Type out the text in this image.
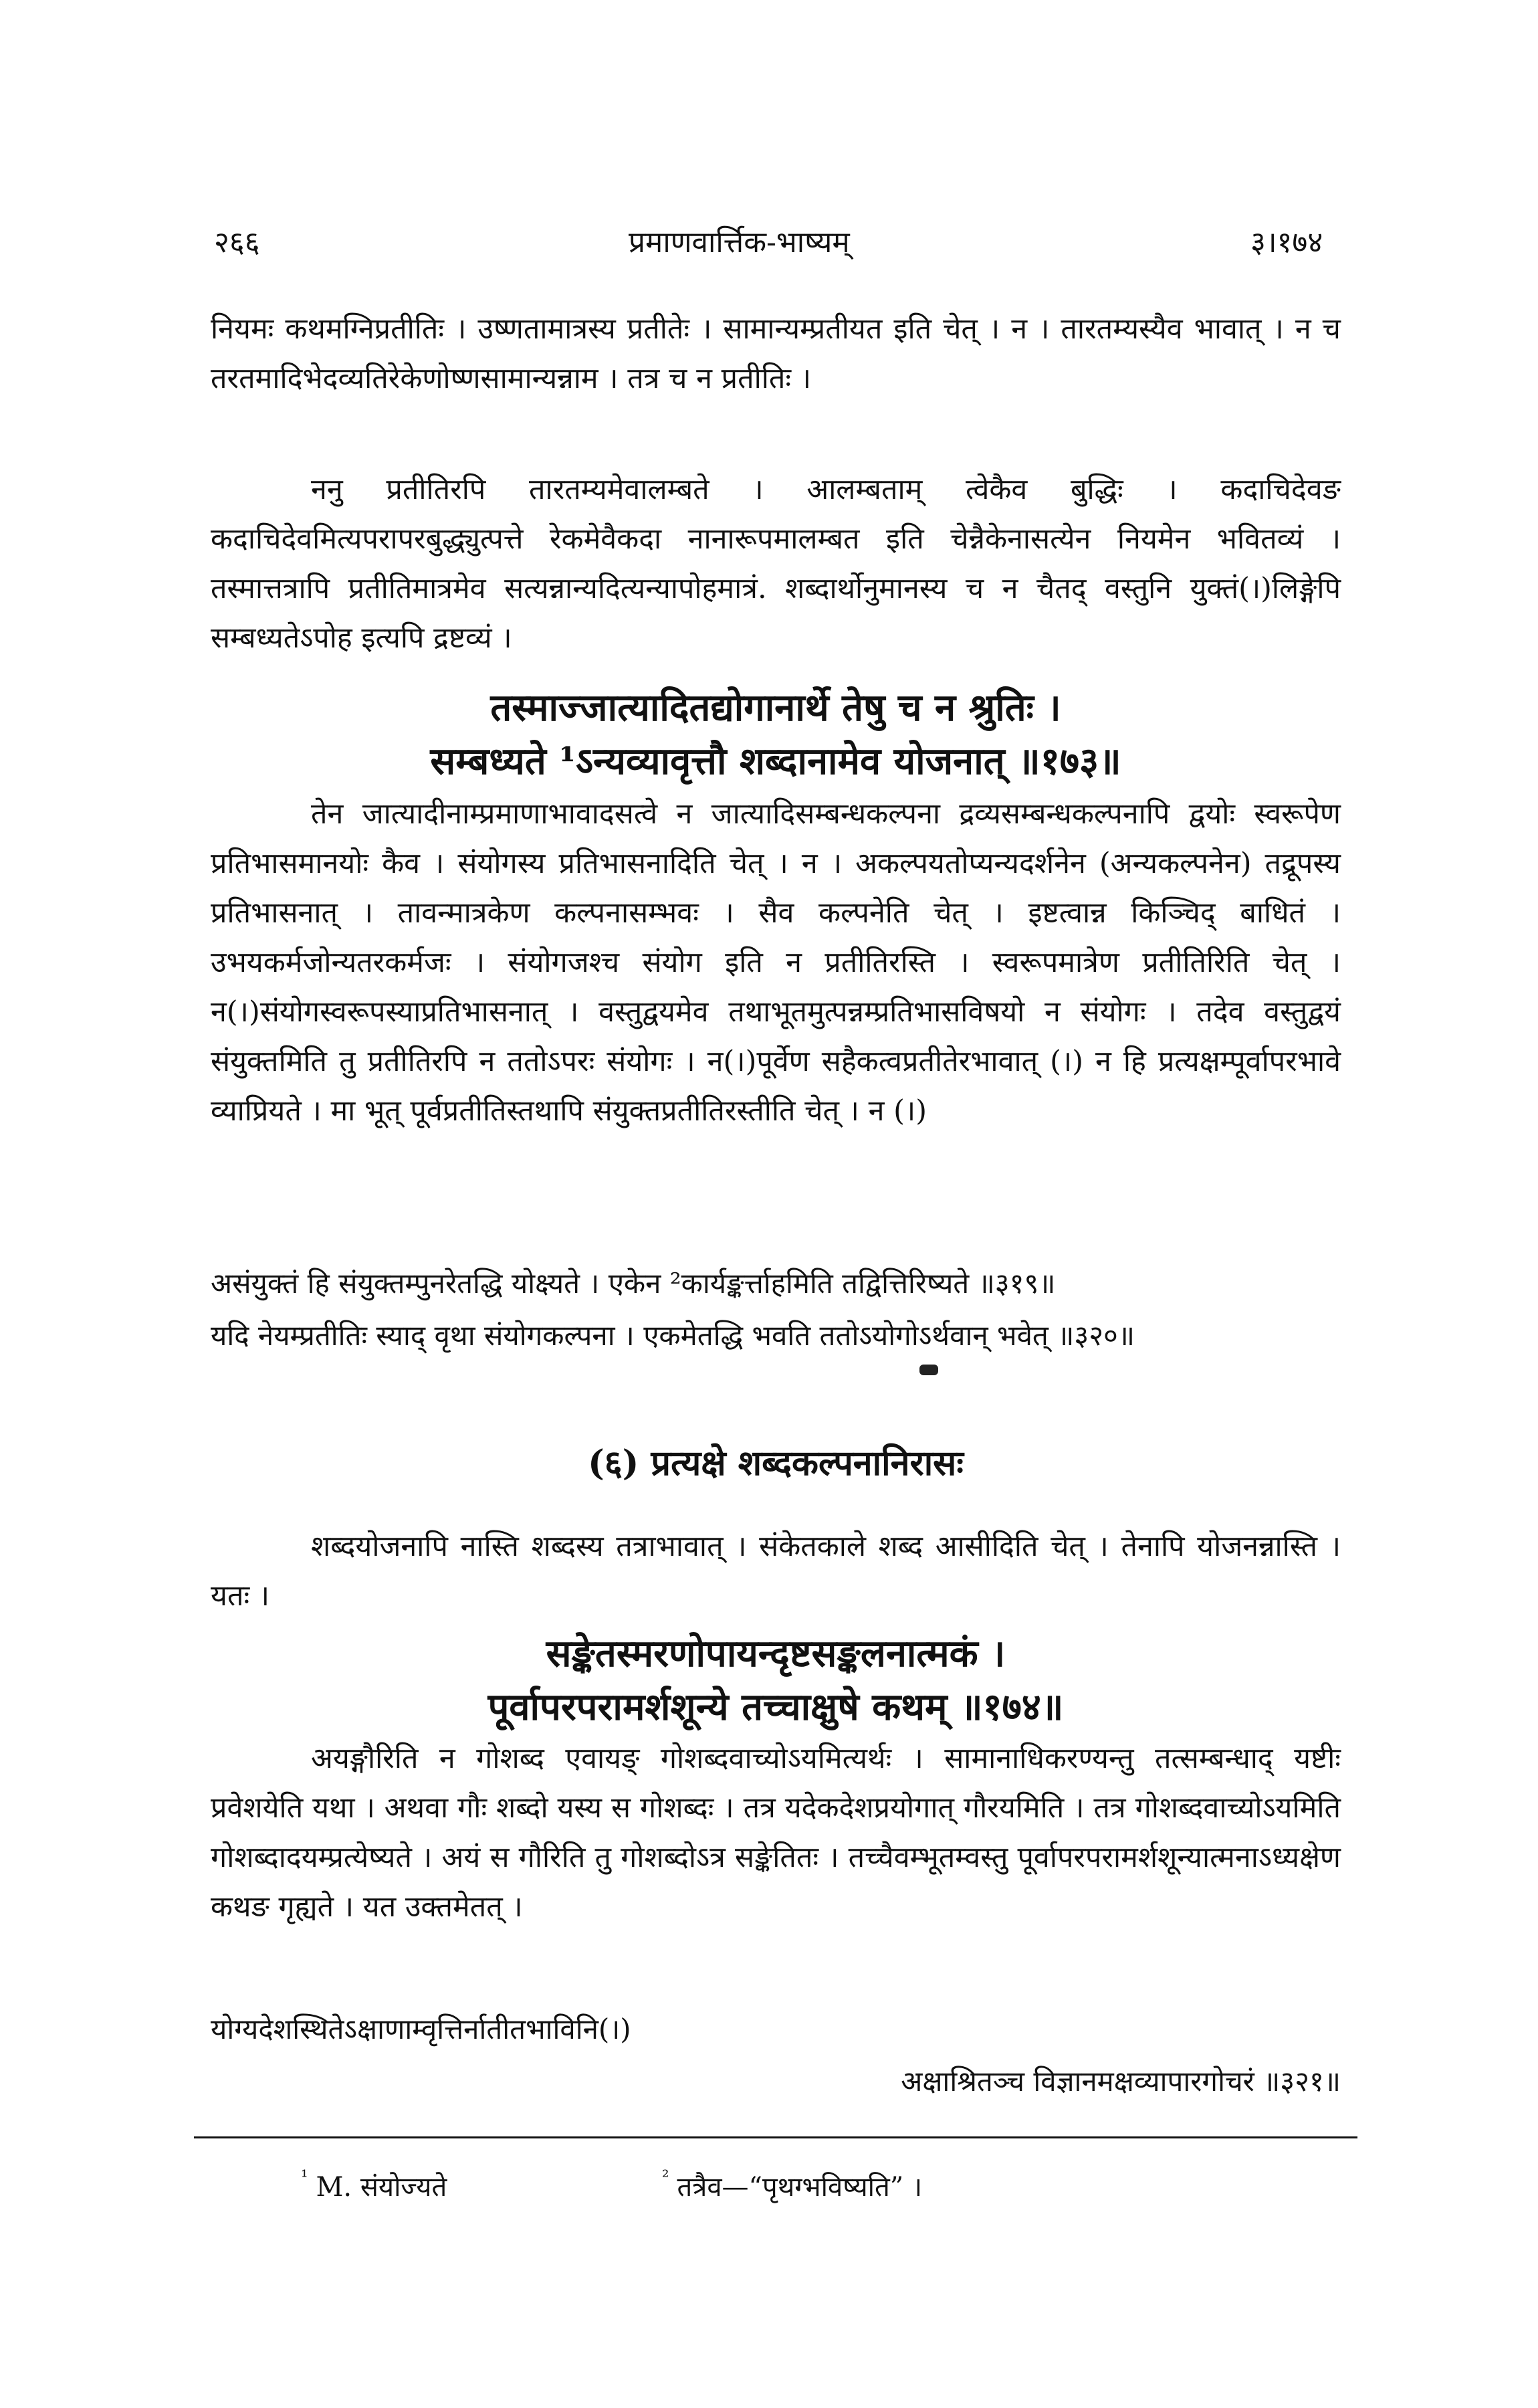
२६६	प्रमाणवार्त्तिक-भाष्यम्	३।१७४

नियमः कथमग्निप्रतीतिः । उष्णतामात्रस्य प्रतीतेः । सामान्यम्प्रतीयत इति चेत् । न । तारतम्यस्यैव भावात् । न च तरतमादिभेदव्यतिरेकेणोष्णसामान्यन्नाम । तत्र च न प्रतीतिः ।

ननु प्रतीतिरपि तारतम्यमेवालम्बते । आलम्बताम् त्वेकैव बुद्धिः । कदाचिदेवङ कदाचिदेवमित्यपरापरबुद्ध्युत्पत्ते रेकमेवैकदा नानारूपमालम्बत इति चेन्नैकेनासत्येन नियमेन भवितव्यं । तस्मात्तत्रापि प्रतीतिमात्रमेव सत्यन्नान्यदित्यन्यापोहमात्रं. शब्दार्थोनुमानस्य च न चैतद् वस्तुनि युक्तं(।)लिङ्गेपि सम्बध्यतेऽपोह इत्यपि द्रष्टव्यं ।

तस्माज्जात्यादितद्योगानार्थे तेषु च न श्रुतिः ।

सम्बध्यते ¹ऽन्यव्यावृत्तौ शब्दानामेव योजनात् ॥१७३॥

तेन जात्यादीनाम्प्रमाणाभावादसत्वे न जात्यादिसम्बन्धकल्पना द्रव्यसम्बन्धकल्पनापि द्वयोः स्वरूपेण प्रतिभासमानयोः कैव । संयोगस्य प्रतिभासनादिति चेत् । न । अकल्पयतोप्यन्यदर्शनेन (अन्यकल्पनेन) तद्रूपस्य प्रतिभासनात् । तावन्मात्रकेण कल्पनासम्भवः । सैव कल्पनेति चेत् । इष्टत्वान्न किञ्चिद् बाधितं । उभयकर्मजोन्यतरकर्मजः । संयोगजश्च संयोग इति न प्रतीतिरस्ति । स्वरूपमात्रेण प्रतीतिरिति चेत् । न(।)संयोगस्वरूपस्याप्रतिभासनात् । वस्तुद्वयमेव तथाभूतमुत्पन्नम्प्रतिभासविषयो न संयोगः । तदेव वस्तुद्वयं संयुक्तमिति तु प्रतीतिरपि न ततोऽपरः संयोगः । न(।)पूर्वेण सहैकत्वप्रतीतेरभावात् (।) न हि प्रत्यक्षम्पूर्वापरभावे व्याप्रियते । मा भूत् पूर्वप्रतीतिस्तथापि संयुक्तप्रतीतिरस्तीति चेत् । न (।)

असंयुक्तं हि संयुक्तम्पुनरेतद्धि योक्ष्यते । एकेन ²कार्यङ्कर्त्ताहमिति तद्वित्तिरिष्यते ॥३१९॥

यदि नेयम्प्रतीतिः स्याद् वृथा संयोगकल्पना । एकमेतद्धि भवति ततोऽयोगोऽर्थवान् भवेत् ॥३२०॥

(६) प्रत्यक्षे शब्दकल्पनानिरासः

शब्दयोजनापि नास्ति शब्दस्य तत्राभावात् । संकेतकाले शब्द आसीदिति चेत् । तेनापि योजनन्नास्ति । यतः ।

सङ्केतस्मरणोपायन्दृष्टसङ्कलनात्मकं ।

पूर्वापरपरामर्शशून्ये तच्चाक्षुषे कथम् ॥१७४॥

अयङ्गौरिति न गोशब्द एवायङ् गोशब्दवाच्योऽयमित्यर्थः । सामानाधिकरण्यन्तु तत्सम्बन्धाद् यष्टीः प्रवेशयेति यथा । अथवा गौः शब्दो यस्य स गोशब्दः । तत्र यदेकदेशप्रयोगात् गौरयमिति । तत्र गोशब्दवाच्योऽयमिति गोशब्दादयम्प्रत्येष्यते । अयं स गौरिति तु गोशब्दोऽत्र सङ्केतितः । तच्चैवम्भूतम्वस्तु पूर्वापरपरामर्शशून्यात्मनाऽध्यक्षेण कथङ गृह्यते । यत उक्तमेतत् ।

योग्यदेशस्थितेऽक्षाणाम्वृत्तिर्नातीतभाविनि(।)

अक्षाश्रितञ्च विज्ञानमक्षव्यापारगोचरं ॥३२१॥

$^{^1}$ M. संयोज्यते	$^{^2}$ तत्रैव—“पृथग्भविष्यति” ।
